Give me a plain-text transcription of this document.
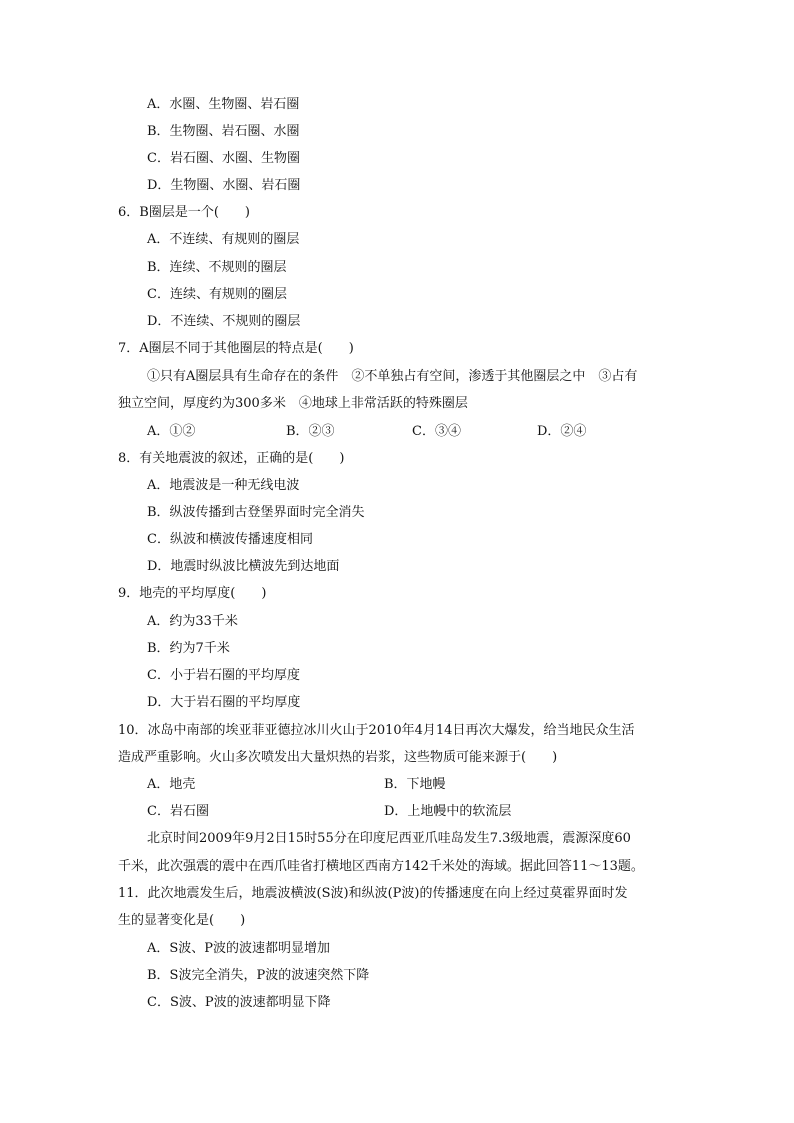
A．水圈、生物圈、岩石圈
B．生物圈、岩石圈、水圈
C．岩石圈、水圈、生物圈
D．生物圈、水圈、岩石圈
6．B圈层是一个(　　)
A．不连续、有规则的圈层
B．连续、不规则的圈层
C．连续、有规则的圈层
D．不连续、不规则的圈层
7．A圈层不同于其他圈层的特点是(　　)
①只有A圈层具有生命存在的条件　②不单独占有空间，渗透于其他圈层之中　③占有
独立空间，厚度约为300多米　④地球上非常活跃的特殊圈层
A．①②	B．②③	C．③④	D．②④
8．有关地震波的叙述，正确的是(　　)
A．地震波是一种无线电波
B．纵波传播到古登堡界面时完全消失
C．纵波和横波传播速度相同
D．地震时纵波比横波先到达地面
9．地壳的平均厚度(　　)
A．约为33千米
B．约为7千米
C．小于岩石圈的平均厚度
D．大于岩石圈的平均厚度
10．冰岛中南部的埃亚菲亚德拉冰川火山于2010年4月14日再次大爆发，给当地民众生活
造成严重影响。火山多次喷发出大量炽热的岩浆，这些物质可能来源于(　　)
A．地壳	B．下地幔
C．岩石圈	D．上地幔中的软流层
北京时间2009年9月2日15时55分在印度尼西亚爪哇岛发生7.3级地震，震源深度60
千米，此次强震的震中在西爪哇省打横地区西南方142千米处的海域。据此回答11～13题。
11．此次地震发生后，地震波横波(S波)和纵波(P波)的传播速度在向上经过莫霍界面时发
生的显著变化是(　　)
A．S波、P波的波速都明显增加
B．S波完全消失，P波的波速突然下降
C．S波、P波的波速都明显下降
